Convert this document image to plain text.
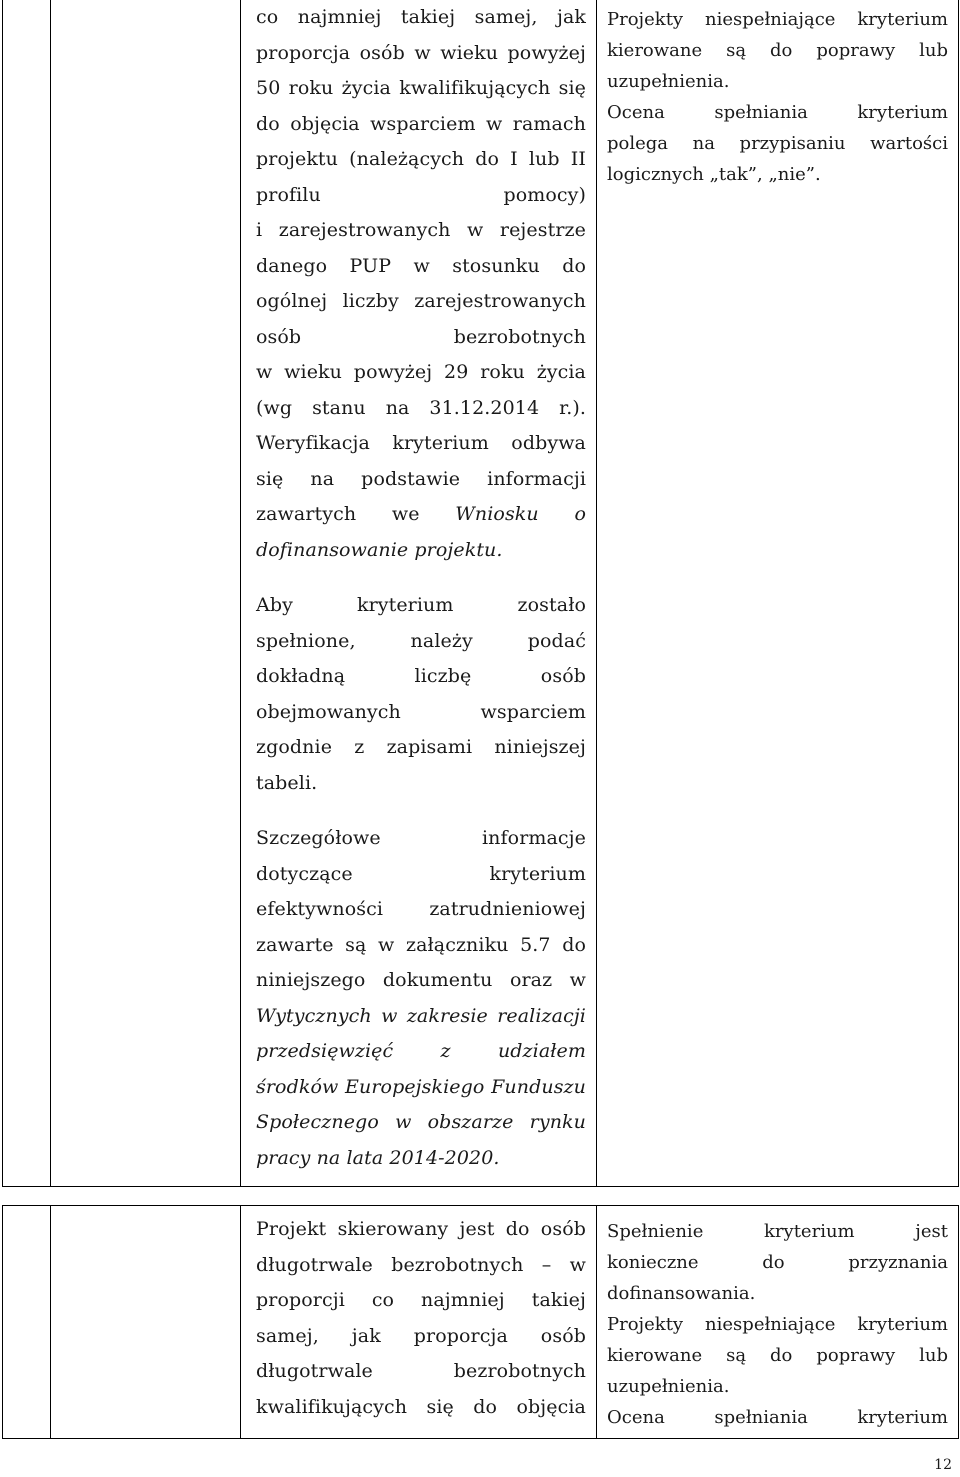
co najmniej takiej samej, jak

proporcja osób w wieku powyżej

50 roku życia kwalifikujących się

do objęcia wsparciem w ramach

projektu (należących do I lub II

profilu pomocy)

i zarejestrowanych w rejestrze

danego PUP w stosunku do

ogólnej liczby zarejestrowanych

osób bezrobotnych

w wieku powyżej 29 roku życia

(wg stanu na 31.12.2014 r.).

Weryfikacja kryterium odbywa

się na podstawie informacji

zawartych we Wniosku o

dofinansowanie projektu.

Aby kryterium zostało

spełnione, należy podać

dokładną liczbę osób

obejmowanych wsparciem

zgodnie z zapisami niniejszej

tabeli.

Szczegółowe informacje

dotyczące kryterium

efektywności zatrudnieniowej

zawarte są w załączniku 5.7 do

niniejszego dokumentu oraz w

Wytycznych w zakresie realizacji

przedsięwzięć z udziałem

środków Europejskiego Funduszu

Społecznego w obszarze rynku

pracy na lata 2014-2020.

Projekty niespełniające kryterium

kierowane są do poprawy lub

uzupełnienia.

Ocena spełniania kryterium

polega na przypisaniu wartości

logicznych „tak”, „nie”.

Projekt skierowany jest do osób

długotrwale bezrobotnych – w

proporcji co najmniej takiej

samej, jak proporcja osób

długotrwale bezrobotnych

kwalifikujących się do objęcia

Spełnienie kryterium jest

konieczne do przyznania

dofinansowania.

Projekty niespełniające kryterium

kierowane są do poprawy lub

uzupełnienia.

Ocena spełniania kryterium

12
